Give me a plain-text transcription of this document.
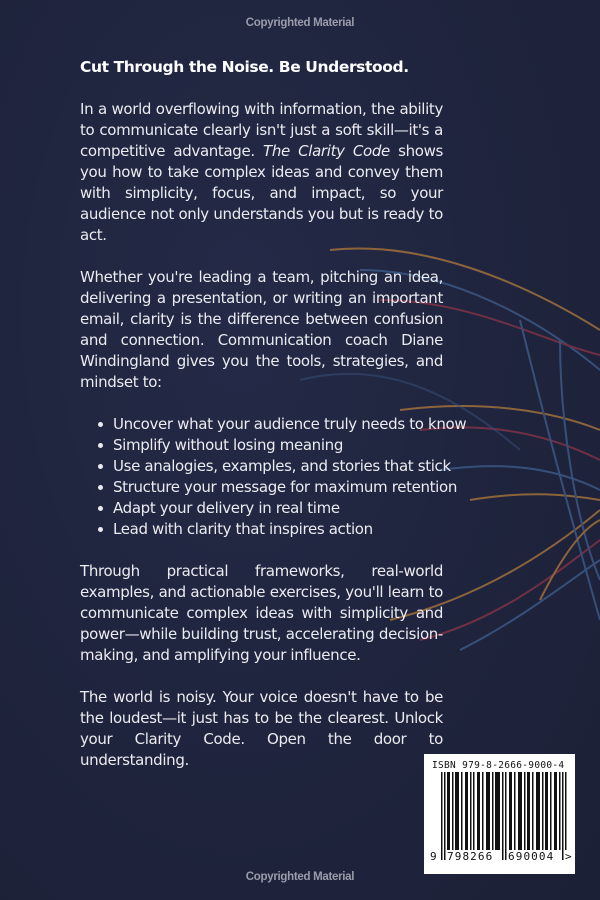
Copyrighted Material
Cut Through the Noise. Be Understood.

In a world overflowing with information, the ability to communicate clearly isn't just a soft skill—it's a competitive advantage. The Clarity Code shows you how to take complex ideas and convey them with simplicity, focus, and impact, so your audience not only understands you but is ready to act.

Whether you're leading a team, pitching an idea, delivering a presentation, or writing an important email, clarity is the difference between confusion and connection. Communication coach Diane Windingland gives you the tools, strategies, and mindset to:

Uncover what your audience truly needs to know
Simplify without losing meaning
Use analogies, examples, and stories that stick
Structure your message for maximum retention
Adapt your delivery in real time
Lead with clarity that inspires action

Through practical frameworks, real-world examples, and actionable exercises, you'll learn to communicate complex ideas with simplicity and power—while building trust, accelerating decision-making, and amplifying your influence.

The world is noisy. Your voice doesn't have to be the loudest—it just has to be the clearest. Unlock your Clarity Code. Open the door to understanding.	ISBN 979-8-2666-9000-4
9 798266 690004 >
Copyrighted Material
